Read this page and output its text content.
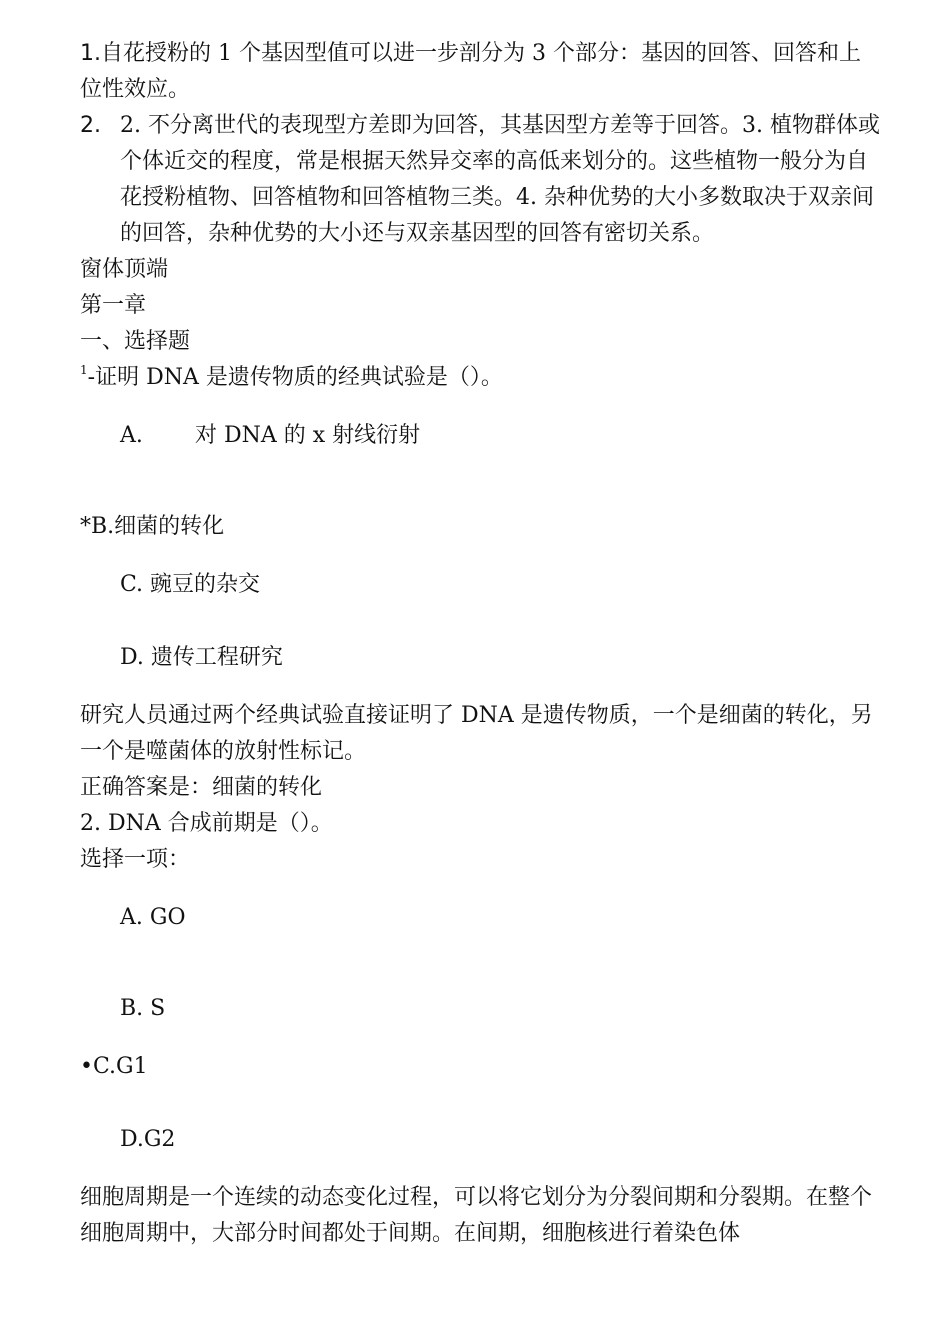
1.自花授粉的 1 个基因型值可以进一步剖分为 3 个部分：基因的回答、回答和上位性效应。

2. 2. 不分离世代的表现型方差即为回答，其基因型方差等于回答。3. 植物群体或个体近交的程度，常是根据天然异交率的高低来划分的。这些植物一般分为自花授粉植物、回答植物和回答植物三类。4. 杂种优势的大小多数取决于双亲间的回答，杂种优势的大小还与双亲基因型的回答有密切关系。

窗体顶端

第一章

一、选择题

$^1$-证明 DNA 是遗传物质的经典试验是（）。

A. 对 DNA 的 x 射线衍射

*B.细菌的转化

C. 豌豆的杂交

D. 遗传工程研究

研究人员通过两个经典试验直接证明了 DNA 是遗传物质，一个是细菌的转化，另一个是噬菌体的放射性标记。

正确答案是：细菌的转化

2. DNA 合成前期是（）。

选择一项：

A. GO

B. S

•C.G1

D.G2

细胞周期是一个连续的动态变化过程，可以将它划分为分裂间期和分裂期。在整个细胞周期中，大部分时间都处于间期。在间期，细胞核进行着染色体
